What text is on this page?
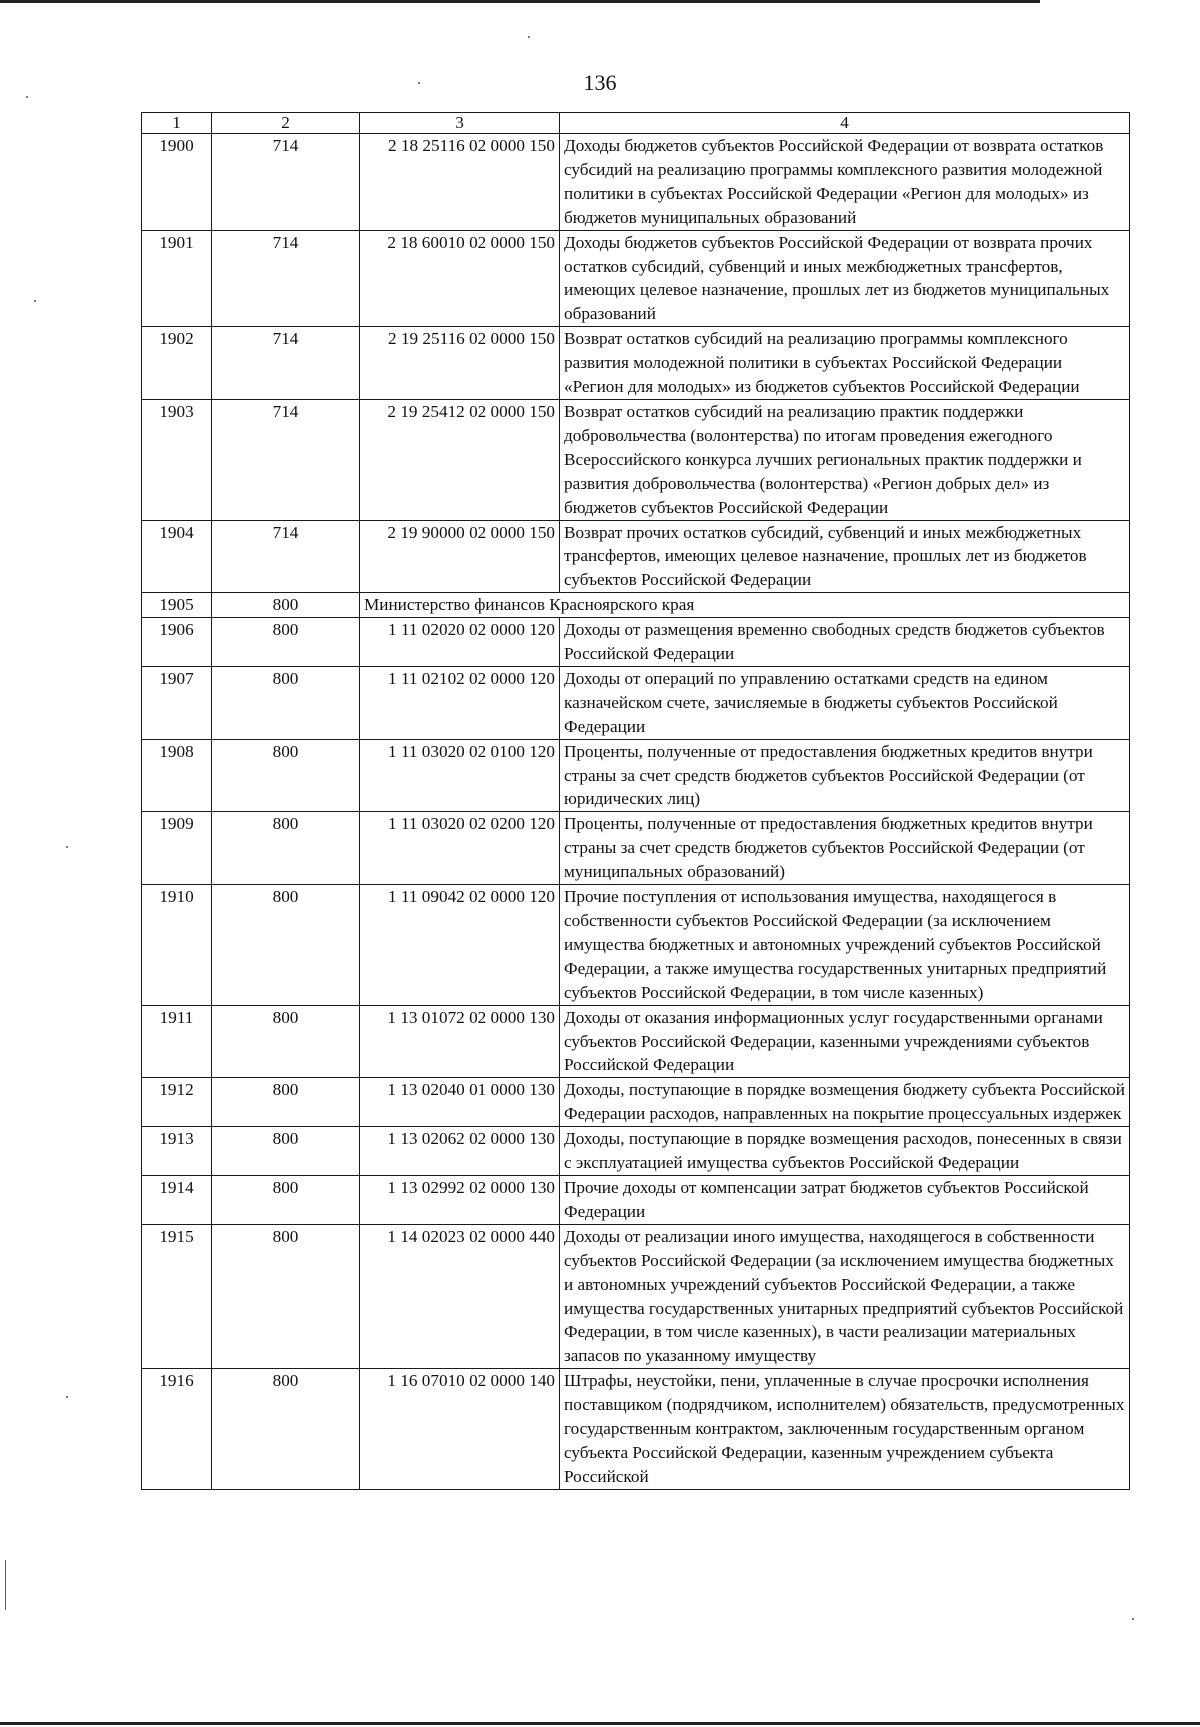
136
1	2	3	4
1900	714	2 18 25116 02 0000 150	Доходы бюджетов субъектов Российской Федерации от возврата остатков субсидий на реализацию программы комплексного развития молодежной политики в субъектах Российской Федерации «Регион для молодых» из бюджетов муниципальных образований
1901	714	2 18 60010 02 0000 150	Доходы бюджетов субъектов Российской Федерации от возврата прочих остатков субсидий, субвенций и иных межбюджетных трансфертов, имеющих целевое назначение, прошлых лет из бюджетов муниципальных образований
1902	714	2 19 25116 02 0000 150	Возврат остатков субсидий на реализацию программы комплексного развития молодежной политики в субъектах Российской Федерации «Регион для молодых» из бюджетов субъектов Российской Федерации
1903	714	2 19 25412 02 0000 150	Возврат остатков субсидий на реализацию практик поддержки добровольчества (волонтерства) по итогам проведения ежегодного Всероссийского конкурса лучших региональных практик поддержки и развития добровольчества (волонтерства) «Регион добрых дел» из бюджетов субъектов Российской Федерации
1904	714	2 19 90000 02 0000 150	Возврат прочих остатков субсидий, субвенций и иных межбюджетных трансфертов, имеющих целевое назначение, прошлых лет из бюджетов субъектов Российской Федерации
1905	800	Министерство финансов Красноярского края	
1906	800	1 11 02020 02 0000 120	Доходы от размещения временно свободных средств бюджетов субъектов Российской Федерации
1907	800	1 11 02102 02 0000 120	Доходы от операций по управлению остатками средств на едином казначейском счете, зачисляемые в бюджеты субъектов Российской Федерации
1908	800	1 11 03020 02 0100 120	Проценты, полученные от предоставления бюджетных кредитов внутри страны за счет средств бюджетов субъектов Российской Федерации (от юридических лиц)
1909	800	1 11 03020 02 0200 120	Проценты, полученные от предоставления бюджетных кредитов внутри страны за счет средств бюджетов субъектов Российской Федерации (от муниципальных образований)
1910	800	1 11 09042 02 0000 120	Прочие поступления от использования имущества, находящегося в собственности субъектов Российской Федерации (за исключением имущества бюджетных и автономных учреждений субъектов Российской Федерации, а также имущества государственных унитарных предприятий субъектов Российской Федерации, в том числе казенных)
1911	800	1 13 01072 02 0000 130	Доходы от оказания информационных услуг государственными органами субъектов Российской Федерации, казенными учреждениями субъектов Российской Федерации
1912	800	1 13 02040 01 0000 130	Доходы, поступающие в порядке возмещения бюджету субъекта Российской Федерации расходов, направленных на покрытие процессуальных издержек
1913	800	1 13 02062 02 0000 130	Доходы, поступающие в порядке возмещения расходов, понесенных в связи с эксплуатацией имущества субъектов Российской Федерации
1914	800	1 13 02992 02 0000 130	Прочие доходы от компенсации затрат бюджетов субъектов Российской Федерации
1915	800	1 14 02023 02 0000 440	Доходы от реализации иного имущества, находящегося в собственности субъектов Российской Федерации (за исключением имущества бюджетных и автономных учреждений субъектов Российской Федерации, а также имущества государственных унитарных предприятий субъектов Российской Федерации, в том числе казенных), в части реализации материальных запасов по указанному имуществу
1916	800	1 16 07010 02 0000 140	Штрафы, неустойки, пени, уплаченные в случае просрочки исполнения поставщиком (подрядчиком, исполнителем) обязательств, предусмотренных государственным контрактом, заключенным государственным органом субъекта Российской Федерации, казенным учреждением субъекта Российской
